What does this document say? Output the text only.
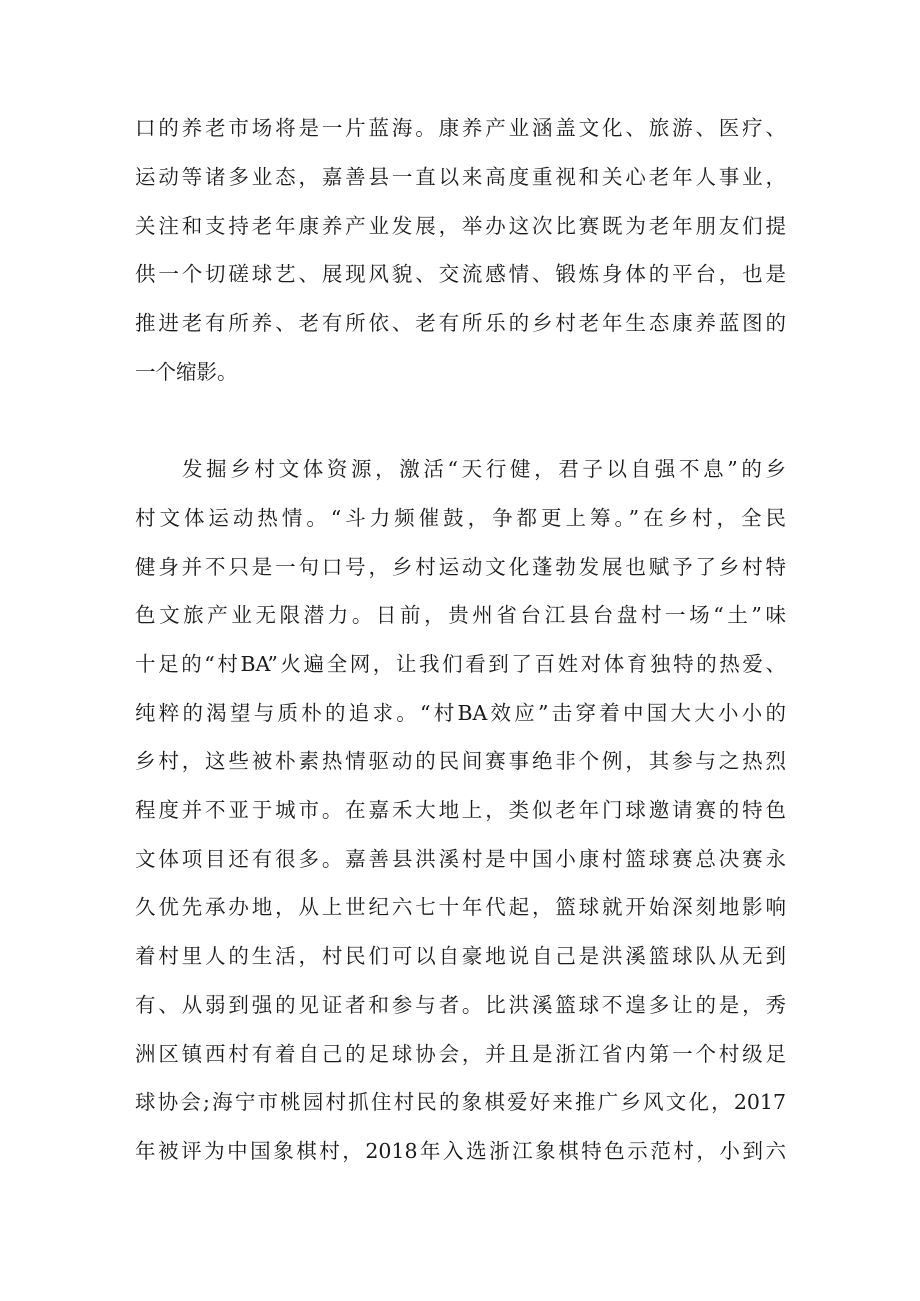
口的养老市场将是一片蓝海。康养产业涵盖文化、旅游、医疗、
运动等诸多业态，嘉善县一直以来高度重视和关心老年人事业，
关注和支持老年康养产业发展，举办这次比赛既为老年朋友们提
供一个切磋球艺、展现风貌、交流感情、锻炼身体的平台，也是
推进老有所养、老有所依、老有所乐的乡村老年生态康养蓝图的
一个缩影。
发掘乡村文体资源，激活“天行健，君子以自强不息”的乡
村文体运动热情。“斗力频催鼓，争都更上筹。”在乡村，全民
健身并不只是一句口号，乡村运动文化蓬勃发展也赋予了乡村特
色文旅产业无限潜力。日前，贵州省台江县台盘村一场“土”味
十足的“村BA”火遍全网，让我们看到了百姓对体育独特的热爱、
纯粹的渴望与质朴的追求。“村BA效应”击穿着中国大大小小的
乡村，这些被朴素热情驱动的民间赛事绝非个例，其参与之热烈
程度并不亚于城市。在嘉禾大地上，类似老年门球邀请赛的特色
文体项目还有很多。嘉善县洪溪村是中国小康村篮球赛总决赛永
久优先承办地，从上世纪六七十年代起，篮球就开始深刻地影响
着村里人的生活，村民们可以自豪地说自己是洪溪篮球队从无到
有、从弱到强的见证者和参与者。比洪溪篮球不遑多让的是，秀
洲区镇西村有着自己的足球协会，并且是浙江省内第一个村级足
球协会;海宁市桃园村抓住村民的象棋爱好来推广乡风文化，2017
年被评为中国象棋村，2018年入选浙江象棋特色示范村，小到六
